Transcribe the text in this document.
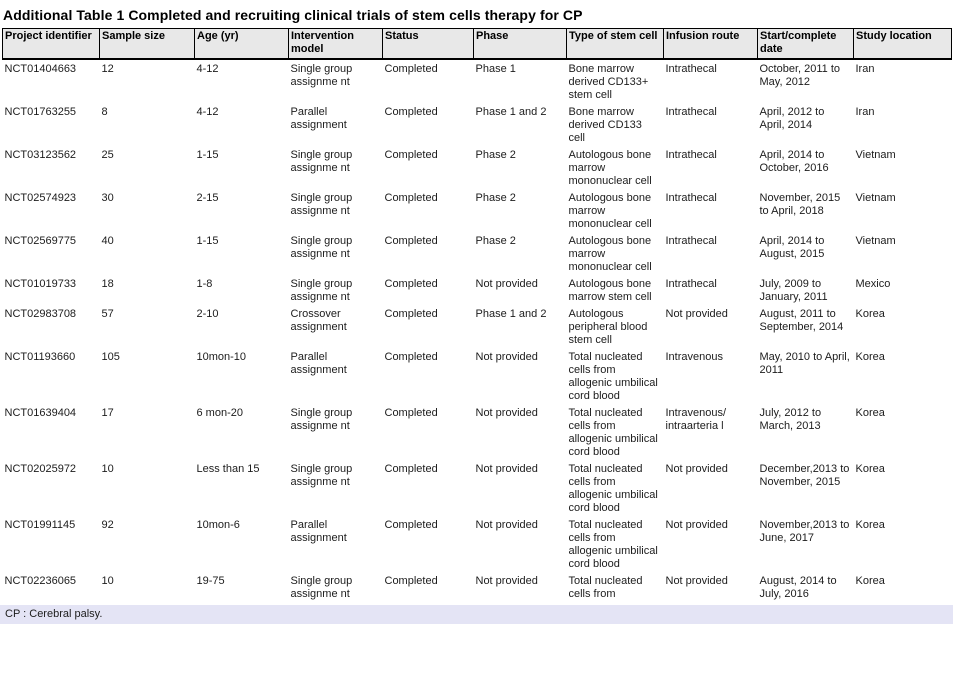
Additional Table 1 Completed and recruiting clinical trials of stem cells therapy for CP
Project identifier	Sample size	Age (yr)	Intervention model	Status	Phase	Type of stem cell	Infusion route	Start/complete date	Study location
NCT01404663	12	4-12	Single group assignme nt	Completed	Phase 1	Bone marrow derived CD133+ stem cell	Intrathecal	October, 2011 to May, 2012	Iran
NCT01763255	8	4-12	Parallel assignment	Completed	Phase 1 and 2	Bone marrow derived CD133 cell	Intrathecal	April, 2012 to April, 2014	Iran
NCT03123562	25	1-15	Single group assignme nt	Completed	Phase 2	Autologous bone marrow mononuclear cell	Intrathecal	April, 2014 to October, 2016	Vietnam
NCT02574923	30	2-15	Single group assignme nt	Completed	Phase 2	Autologous bone marrow mononuclear cell	Intrathecal	November, 2015 to April, 2018	Vietnam
NCT02569775	40	1-15	Single group assignme nt	Completed	Phase 2	Autologous bone marrow mononuclear cell	Intrathecal	April, 2014 to August, 2015	Vietnam
NCT01019733	18	1-8	Single group assignme nt	Completed	Not provided	Autologous bone marrow stem cell	Intrathecal	July, 2009 to January, 2011	Mexico
NCT02983708	57	2-10	Crossover assignment	Completed	Phase 1 and 2	Autologous peripheral blood stem cell	Not provided	August, 2011 to September, 2014	Korea
NCT01193660	105	10mon-10	Parallel assignment	Completed	Not provided	Total nucleated cells from allogenic umbilical cord blood	Intravenous	May, 2010 to April, 2011	Korea
NCT01639404	17	6 mon-20	Single group assignme nt	Completed	Not provided	Total nucleated cells from allogenic umbilical cord blood	Intravenous/ intraarteria l	July, 2012 to March, 2013	Korea
NCT02025972	10	Less than 15	Single group assignme nt	Completed	Not provided	Total nucleated cells from allogenic umbilical cord blood	Not provided	December,2013 to November, 2015	Korea
NCT01991145	92	10mon-6	Parallel assignment	Completed	Not provided	Total nucleated cells from allogenic umbilical cord blood	Not provided	November,2013 to June, 2017	Korea
NCT02236065	10	19-75	Single group assignme nt	Completed	Not provided	Total nucleated cells from	Not provided	August, 2014 to July, 2016	Korea
CP : Cerebral palsy.
